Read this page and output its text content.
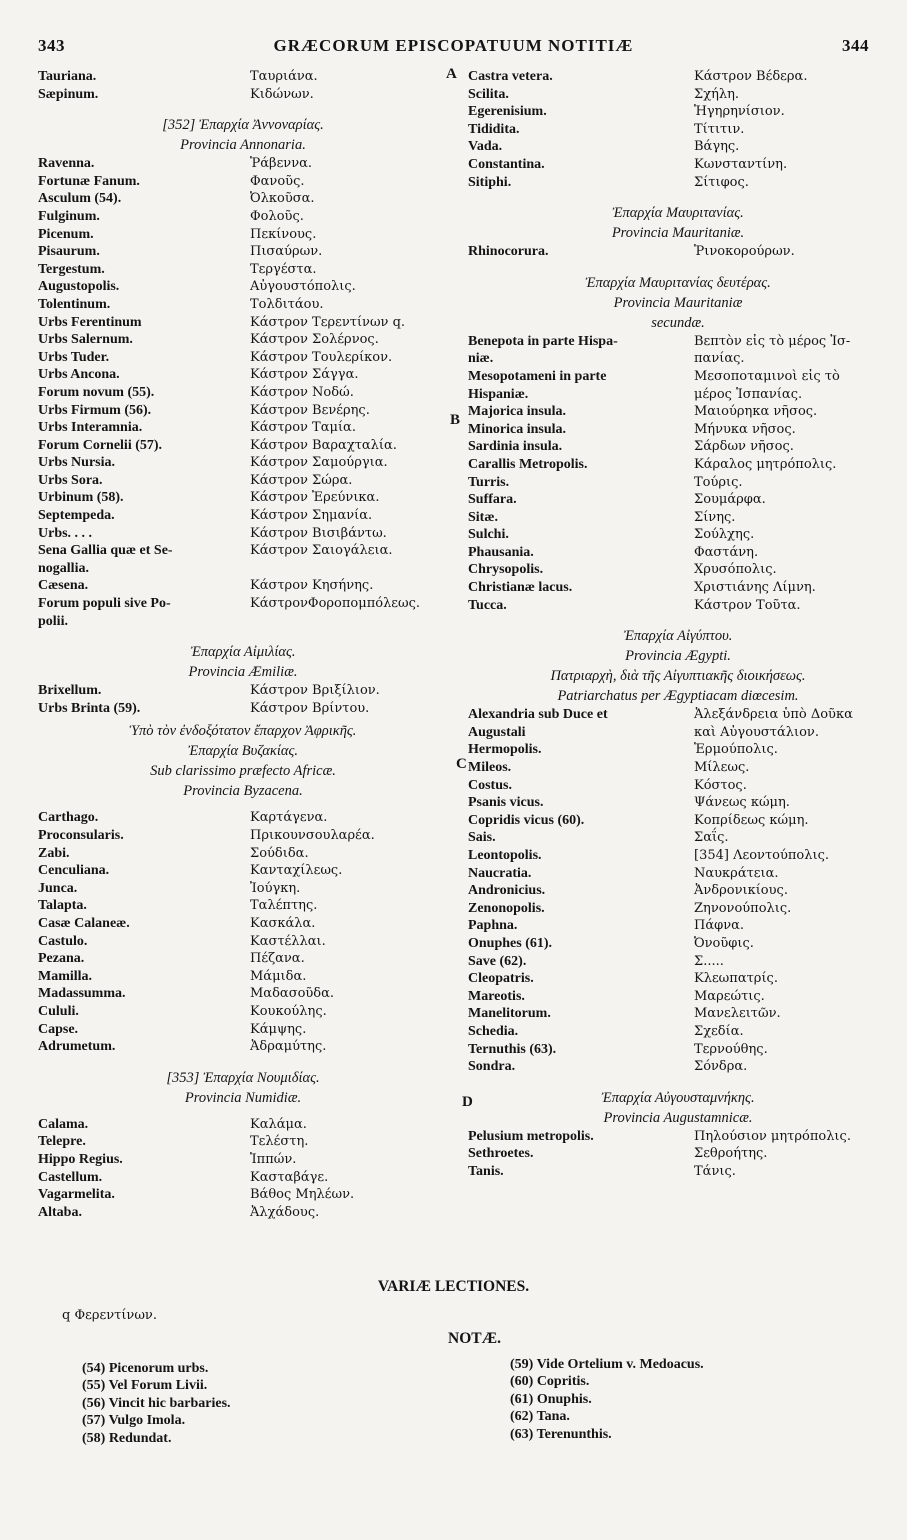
343	GRÆCORUM EPISCOPATUUM NOTITIÆ	344
Tauriana.	Ταυριάνα.
Sæpinum.	Κιδώνων.
[352] Ἐπαρχία Ἀννοναρίας.
Provincia Annonaria.
Ravenna.	Ῥάβεννα.
Fortunæ Fanum.	Φανοῦς.
Asculum (54).	Ὀλκοῦσα.
Fulginum.	Φολοῦς.
Picenum.	Πεκίνους.
Pisaurum.	Πισαύρων.
Tergestum.	Τεργέστα.
Augustopolis.	Αὐγουστόπολις.
Tolentinum.	Τολδιτάου.
Urbs Ferentinum	Κάστρον Τερεντίνων q.
Urbs Salernum.	Κάστρον Σολέρνος.
Urbs Tuder.	Κάστρον Τουλερίκον.
Urbs Ancona.	Κάστρον Σάγγα.
Forum novum (55).	Κάστρον Νοδώ.
Urbs Firmum (56).	Κάστρον Βενέρης.
Urbs Interamnia.	Κάστρον Ταμία.
Forum Cornelii (57).	Κάστρον Βαραχταλία.
Urbs Nursia.	Κάστρον Σαμούργια.
Urbs Sora.	Κάστρον Σώρα.
Urbinum (58).	Κάστρον Ἐρεύνικα.
Septempeda.	Κάστρον Σημανία.
Urbs. . . .	Κάστρον Βισιβάντω.
Sena Gallia quæ et Se-	Κάστρον Σαιογάλεια.
nogallia.
Cæsena.	Κάστρον Κησήνης.
Forum populi sive Po-	ΚάστρονΦοροπομπόλεως.
polii.
Ἐπαρχία Αἰμιλίας.
Provincia Æmiliæ.
Brixellum.	Κάστρον Βριξίλιον.
Urbs Brinta (59).	Κάστρον Βρίντου.
Ὑπὸ τὸν ἐνδοξότατον ἔπαρχον Ἀφρικῆς.
Ἐπαρχία Βυζακίας.
Sub clarissimo præfecto Africæ.
Provincia Byzacena.
Carthago.	Καρτάγενα.
Proconsularis.	Πρικουνσουλαρέα.
Zabi.	Σούδιδα.
Cenculiana.	Κανταχίλεως.
Junca.	Ἰούγκη.
Talapta.	Ταλέπτης.
Casæ Calaneæ.	Κασκάλα.
Castulo.	Καστέλλαι.
Pezana.	Πέζανα.
Mamilla.	Μάμιδα.
Madassumma.	Μαδασοῦδα.
Cululi.	Κουκούλης.
Capse.	Κάμψης.
Adrumetum.	Ἀδραμύτης.
[353] Ἐπαρχία Νουμιδίας.
Provincia Numidiæ.
Calama.	Καλάμα.
Telepre.	Τελέστη.
Hippo Regius.	Ἱππών.
Castellum.	Κασταβάγε.
Vagarmelita.	Βάθος Μηλέων.
Altaba.	Ἀλχάδους.
Castra vetera.	Κάστρον Βέδερα.
Scilita.	Σχήλη.
Egerenisium.	Ἡγηρηνίσιον.
Tididita.	Τίτιτιν.
Vada.	Βάγης.
Constantina.	Κωνσταντίνη.
Sitiphi.	Σίτιφος.
Ἐπαρχία Μαυριτανίας.
Provincia Mauritaniæ.
Rhinocorura.	Ῥινοκορούρων.
Ἐπαρχία Μαυριτανίας δευτέρας.
Provincia Mauritaniæ
secundæ.
Benepota in parte Hispa-	Βεπτὸν εἰς τὸ μέρος Ἱσ-
niæ.	πανίας.
Mesopotameni in parte	Μεσοποταμινοὶ εἰς τὸ
Hispaniæ.	μέρος Ἱσπανίας.
Majorica insula.	Μαιούρηκα νῆσος.
Minorica insula.	Μήνυκα νῆσος.
Sardinia insula.	Σάρδων νῆσος.
Carallis Metropolis.	Κάραλος μητρόπολις.
Turris.	Τούρις.
Suffara.	Σουμάρφα.
Sitæ.	Σίνης.
Sulchi.	Σούλχης.
Phausania.	Φαστάνη.
Chrysopolis.	Χρυσόπολις.
Christianæ lacus.	Χριστιάνης Λίμνη.
Tucca.	Κάστρον Τοῦτα.
Ἐπαρχία Αἰγύπτου.
Provincia Ægypti.
Πατριαρχὴ, διὰ τῆς Αἰγυπτιακῆς διοικήσεως.
Patriarchatus per Ægyptiacam diœcesim.
Alexandria sub Duce et	Ἀλεξάνδρεια ὑπὸ Δοῦκα
Augustali	καὶ Αὐγουστάλιον.
Hermopolis.	Ἑρμούπολις.
Mileos.	Μίλεως.
Costus.	Κόστος.
Psanis vicus.	Ψάνεως κώμη.
Copridis vicus (60).	Κοπρίδεως κώμη.
Sais.	Σαΐς.
Leontopolis.	[354] Λεοντούπολις.
Naucratia.	Ναυκράτεια.
Andronicius.	Ἀνδρονικίους.
Zenonopolis.	Ζηνονούπολις.
Paphna.	Πάφνα.
Onuphes (61).	Ὀνοῦφις.
Save (62).	Σ.....
Cleopatris.	Κλεωπατρίς.
Mareotis.	Μαρεώτις.
Manelitorum.	Μανελειτῶν.
Schedia.	Σχεδία.
Ternuthis (63).	Τερνούθης.
Sondra.	Σόνδρα.
Ἐπαρχία Αὐγουσταμνήκης.
Provincia Augustamnicæ.
Pelusium metropolis.	Πηλούσιον μητρόπολις.
Sethroetes.	Σεθροήτης.
Tanis.	Τάνις.
A
B
C
D
VARIÆ LECTIONES.
q Φερεντίνων.
NOTÆ.
(54) Picenorum urbs.
(55) Vel Forum Livii.
(56) Vincit hic barbaries.
(57) Vulgo Imola.
(58) Redundat.
(59) Vide Ortelium v. Medoacus.
(60) Copritis.
(61) Onuphis.
(62) Tana.
(63) Terenunthis.
